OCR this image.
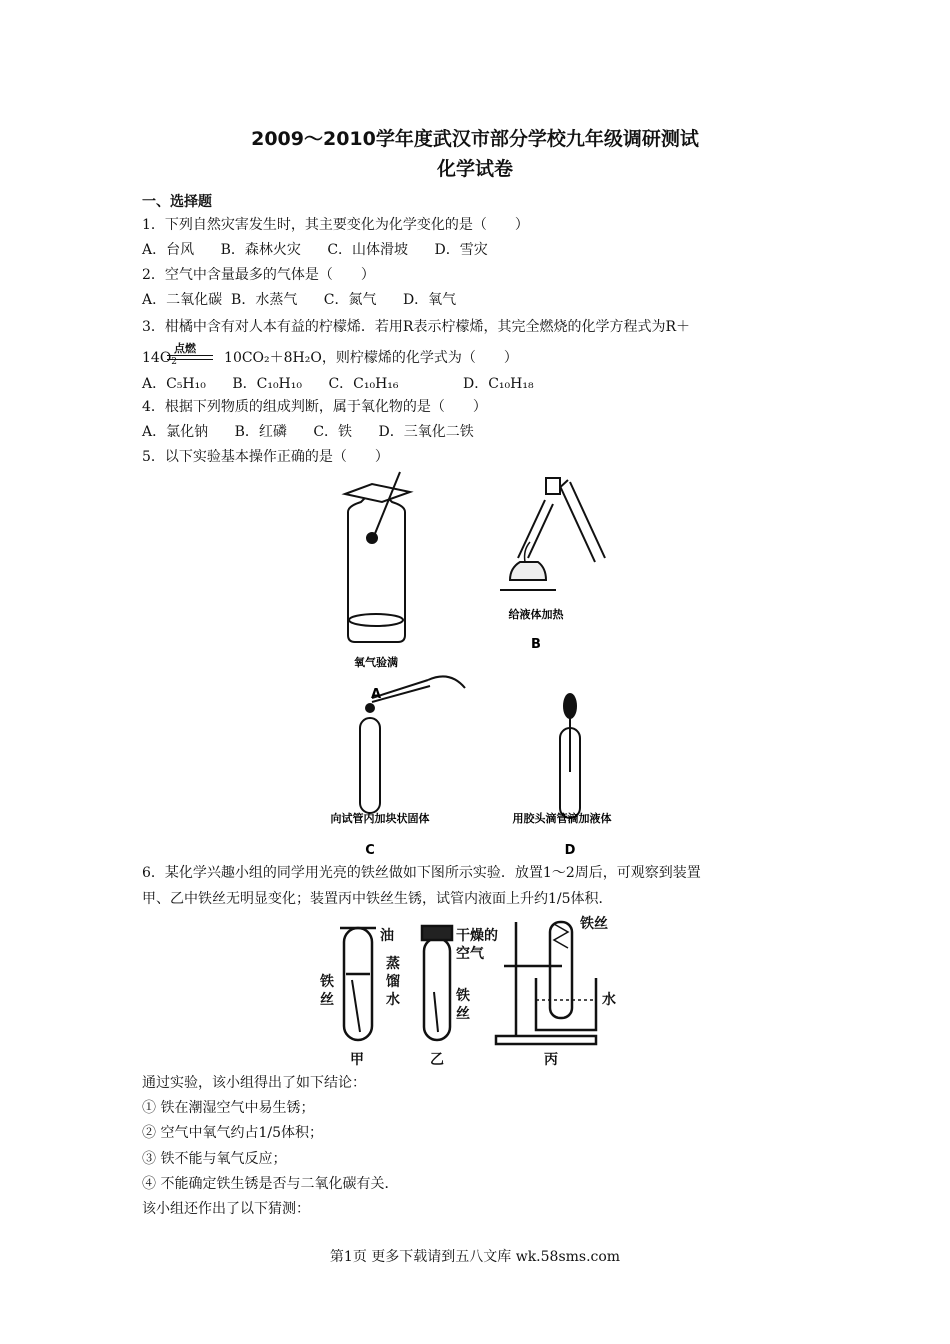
2009～2010学年度武汉市部分学校九年级调研测试
化学试卷
一、选择题
1．下列自然灾害发生时，其主要变化为化学变化的是（　　）
A．台风 B．森林火灾 C．山体滑坡 D．雪灾
2．空气中含量最多的气体是（　　）
A．二氧化碳 B．水蒸气 C．氮气 D．氧气
3．柑橘中含有对人本有益的柠檬烯．若用R表示柠檬烯，其完全燃烧的化学方程式为R＋
点燃
$14O_2$	10CO₂＋8H₂O，则柠檬烯的化学式为（　　）
A．C₅H₁₀ B．C₁₀H₁₀ C．C₁₀H₁₆	D．C₁₀H₁₈
4．根据下列物质的组成判断，属于氧化物的是（　　）
A．氯化钠 B．红磷 C．铁 D．三氧化二铁
5．以下实验基本操作正确的是（　　）
氧气验满
A
给液体加热
B
向试管内加块状固体
C
用胶头滴管滴加液体
D
6．某化学兴趣小组的同学用光亮的铁丝做如下图所示实验．放置1～2周后，可观察到装置
甲、乙中铁丝无明显变化；装置丙中铁丝生锈，试管内液面上升约1/5体积．
油
蒸
馏
水
铁
丝
甲
干燥的
空气
铁
丝
乙
铁丝
水
丙
通过实验，该小组得出了如下结论：
① 铁在潮湿空气中易生锈；
② 空气中氧气约占1/5体积；
③ 铁不能与氧气反应；
④ 不能确定铁生锈是否与二氧化碳有关．
该小组还作出了以下猜测：
第1页 更多下载请到五八文库 wk.58sms.com
